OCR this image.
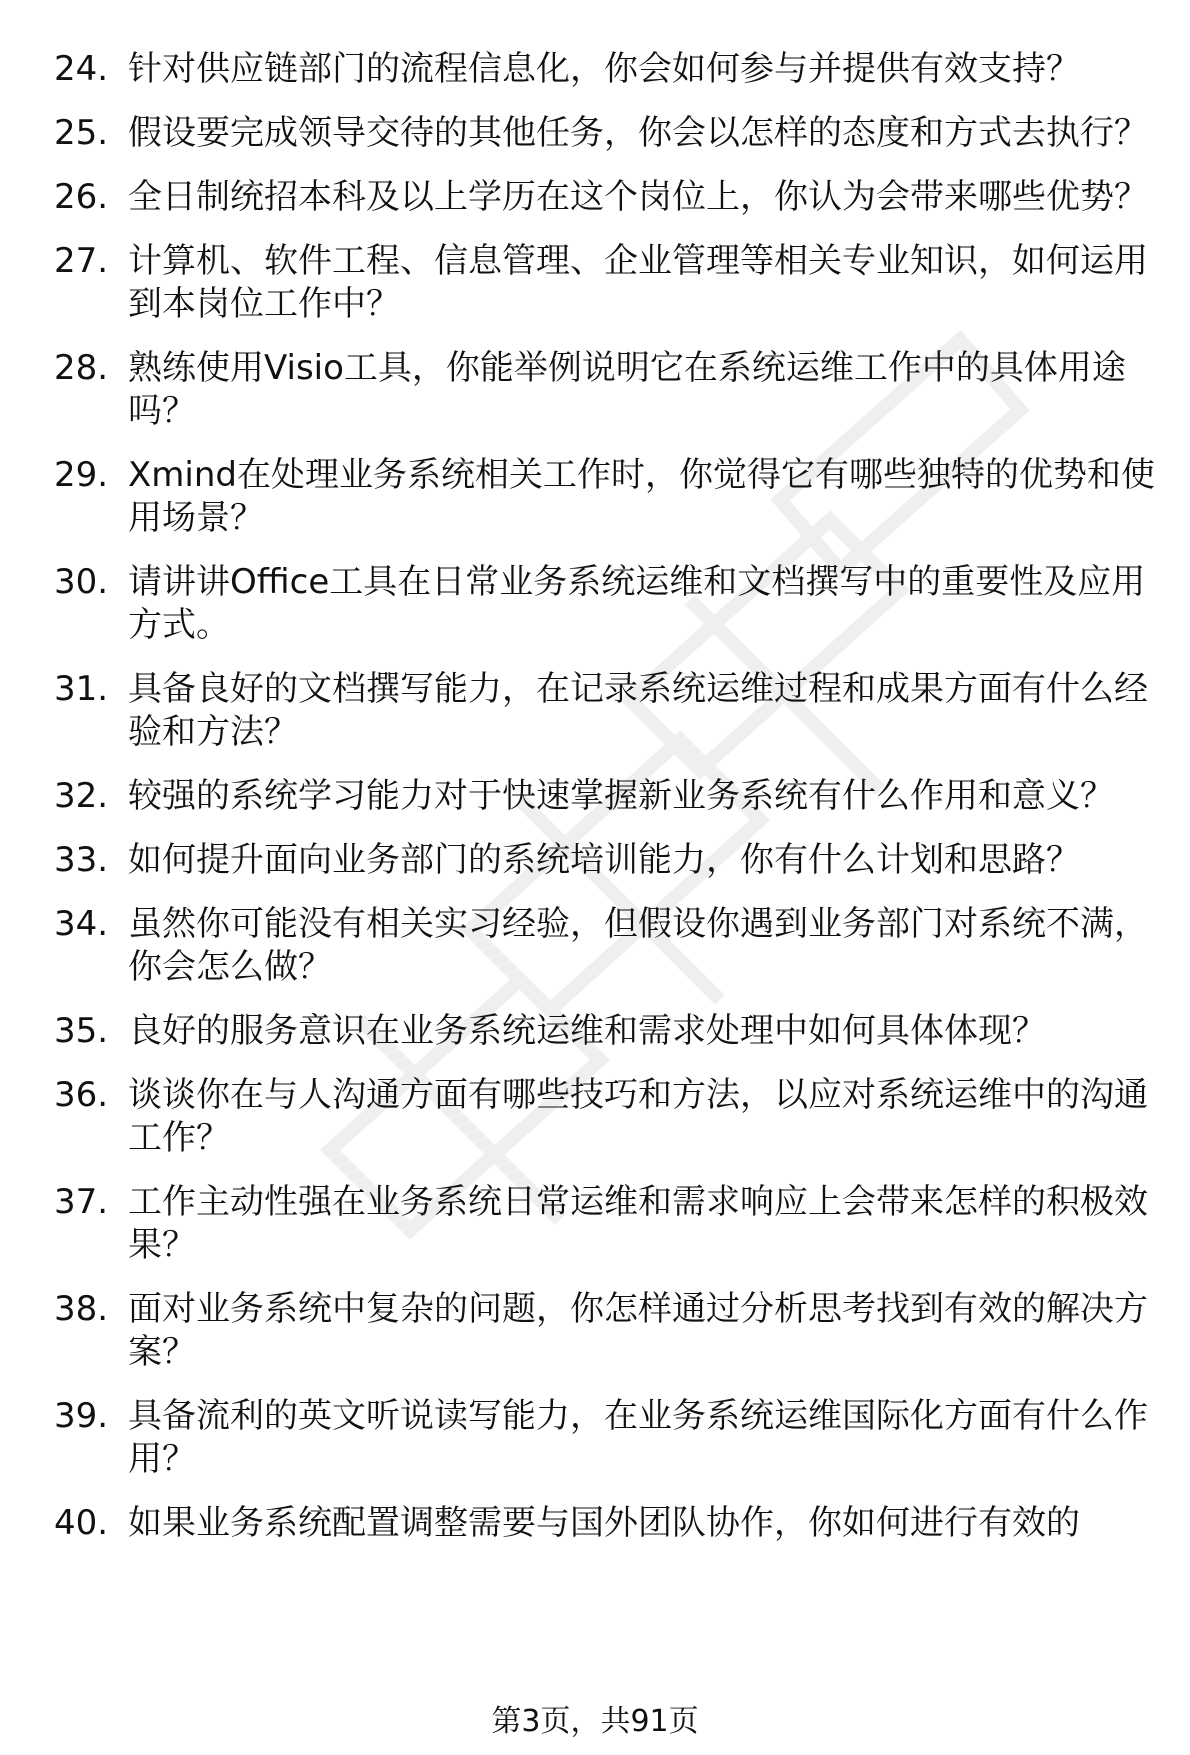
24. 针对供应链部门的流程信息化，你会如何参与并提供有效支持？
25. 假设要完成领导交待的其他任务，你会以怎样的态度和方式去执行？
26. 全日制统招本科及以上学历在这个岗位上，你认为会带来哪些优势？
27. 计算机、软件工程、信息管理、企业管理等相关专业知识，如何运用到本岗位工作中？
28. 熟练使用Visio工具，你能举例说明它在系统运维工作中的具体用途吗？
29. Xmind在处理业务系统相关工作时，你觉得它有哪些独特的优势和使用场景？
30. 请讲讲Office工具在日常业务系统运维和文档撰写中的重要性及应用方式。
31. 具备良好的文档撰写能力，在记录系统运维过程和成果方面有什么经验和方法？
32. 较强的系统学习能力对于快速掌握新业务系统有什么作用和意义？
33. 如何提升面向业务部门的系统培训能力，你有什么计划和思路？
34. 虽然你可能没有相关实习经验，但假设你遇到业务部门对系统不满，你会怎么做？
35. 良好的服务意识在业务系统运维和需求处理中如何具体体现？
36. 谈谈你在与人沟通方面有哪些技巧和方法，以应对系统运维中的沟通工作？
37. 工作主动性强在业务系统日常运维和需求响应上会带来怎样的积极效果？
38. 面对业务系统中复杂的问题，你怎样通过分析思考找到有效的解决方案？
39. 具备流利的英文听说读写能力，在业务系统运维国际化方面有什么作用？
40. 如果业务系统配置调整需要与国外团队协作，你如何进行有效的
第3页，共91页
